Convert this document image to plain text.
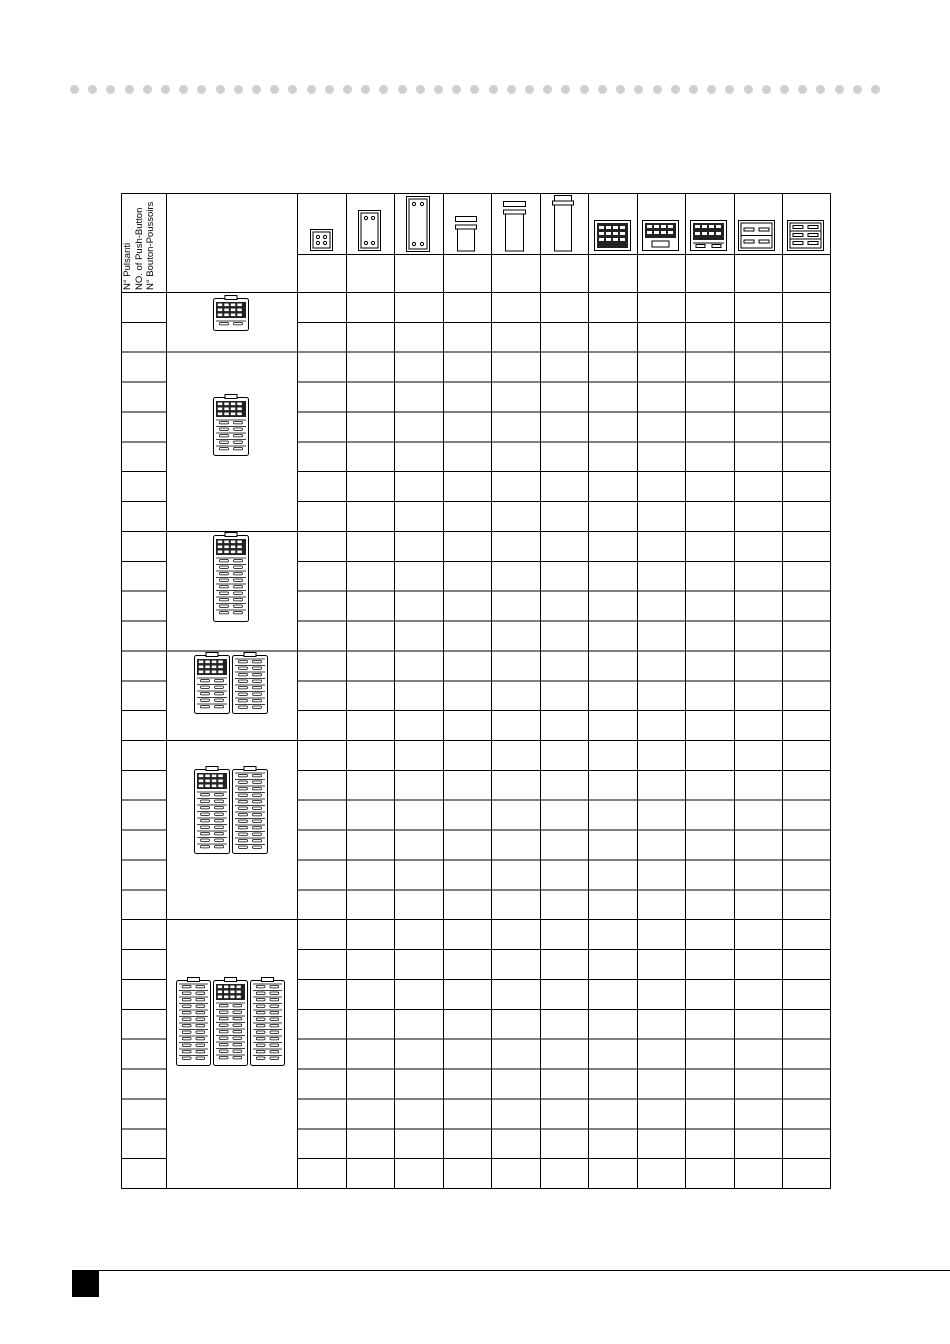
N° Pulsanti NO. of Push-Button N° Bouton-Poussoirs
